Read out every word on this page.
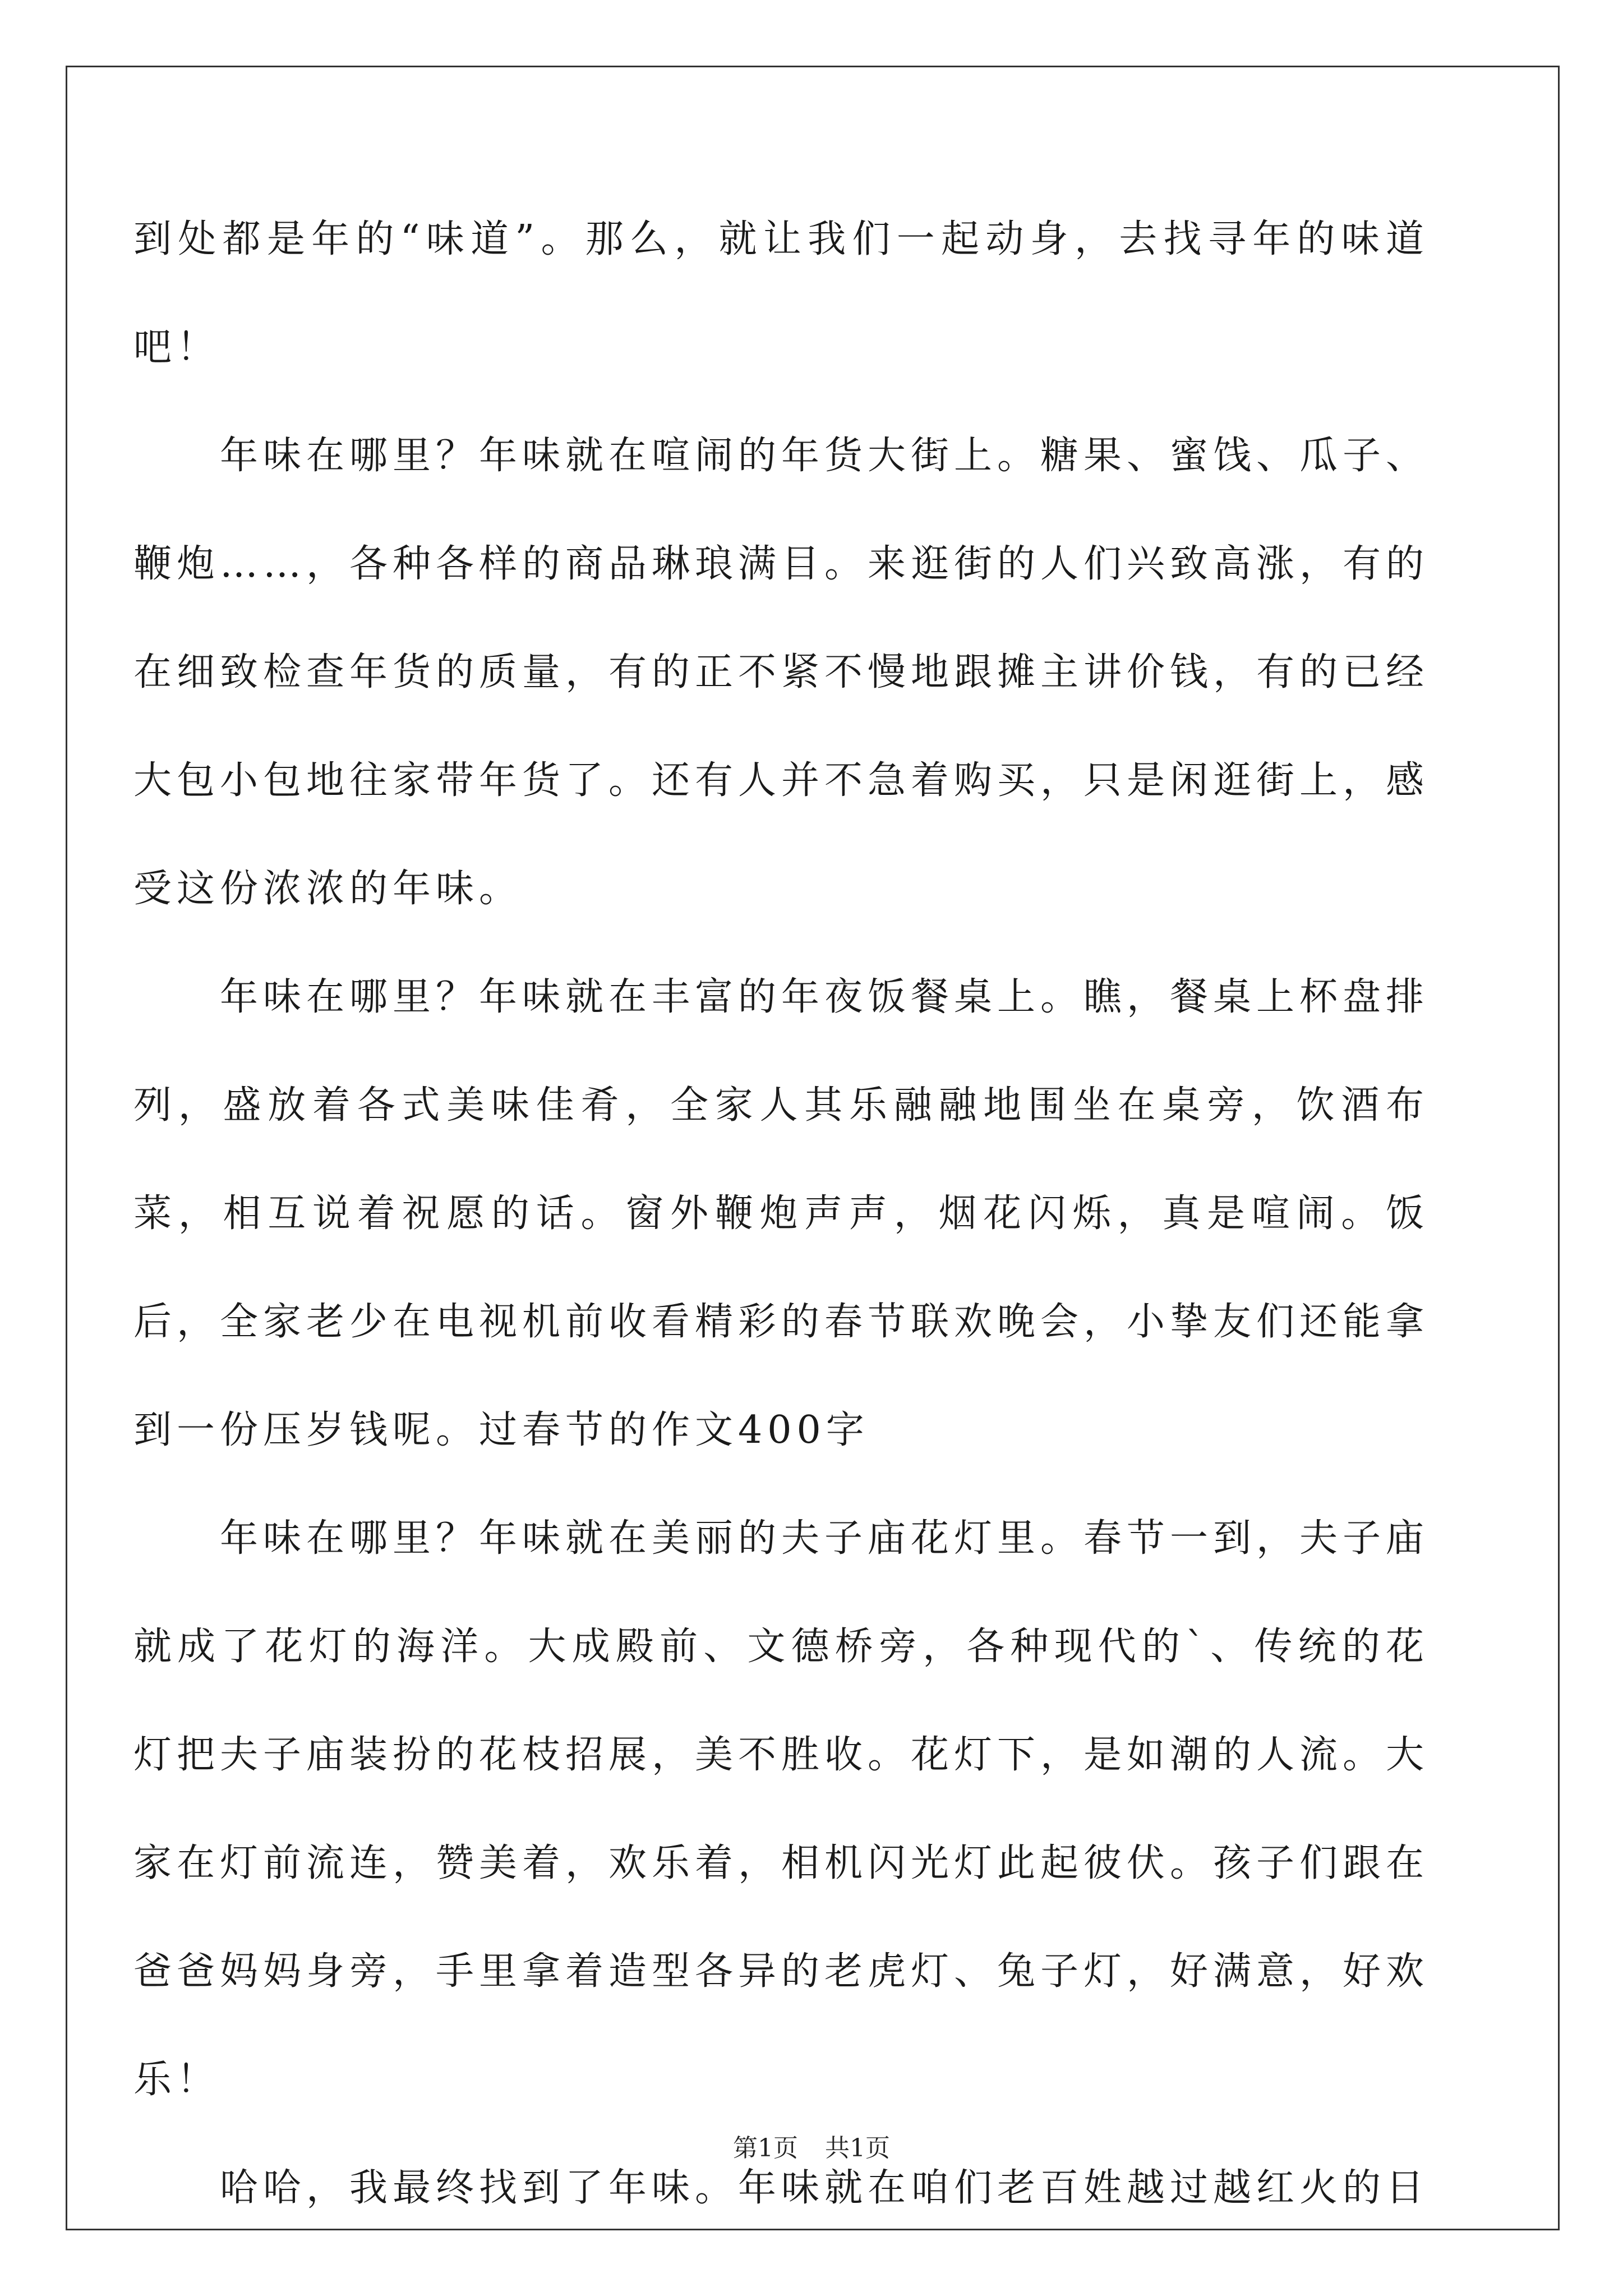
到处都是年的“味道”。那么，就让我们一起动身，去找寻年的味道吧！

年味在哪里？年味就在喧闹的年货大街上。糖果、蜜饯、瓜子、鞭炮……，各种各样的商品琳琅满目。来逛街的人们兴致高涨，有的在细致检查年货的质量，有的正不紧不慢地跟摊主讲价钱，有的已经大包小包地往家带年货了。还有人并不急着购买，只是闲逛街上，感受这份浓浓的年味。

年味在哪里？年味就在丰富的年夜饭餐桌上。瞧，餐桌上杯盘排列，盛放着各式美味佳肴，全家人其乐融融地围坐在桌旁，饮酒布菜，相互说着祝愿的话。窗外鞭炮声声，烟花闪烁，真是喧闹。饭后，全家老少在电视机前收看精彩的春节联欢晚会，小挚友们还能拿到一份压岁钱呢。过春节的作文400字

年味在哪里？年味就在美丽的夫子庙花灯里。春节一到，夫子庙就成了花灯的海洋。大成殿前、文德桥旁，各种现代的`、传统的花灯把夫子庙装扮的花枝招展，美不胜收。花灯下，是如潮的人流。大家在灯前流连，赞美着，欢乐着，相机闪光灯此起彼伏。孩子们跟在爸爸妈妈身旁，手里拿着造型各异的老虎灯、兔子灯，好满意，好欢乐！

哈哈，我最终找到了年味。年味就在咱们老百姓越过越红火的日

第1页 共1页
